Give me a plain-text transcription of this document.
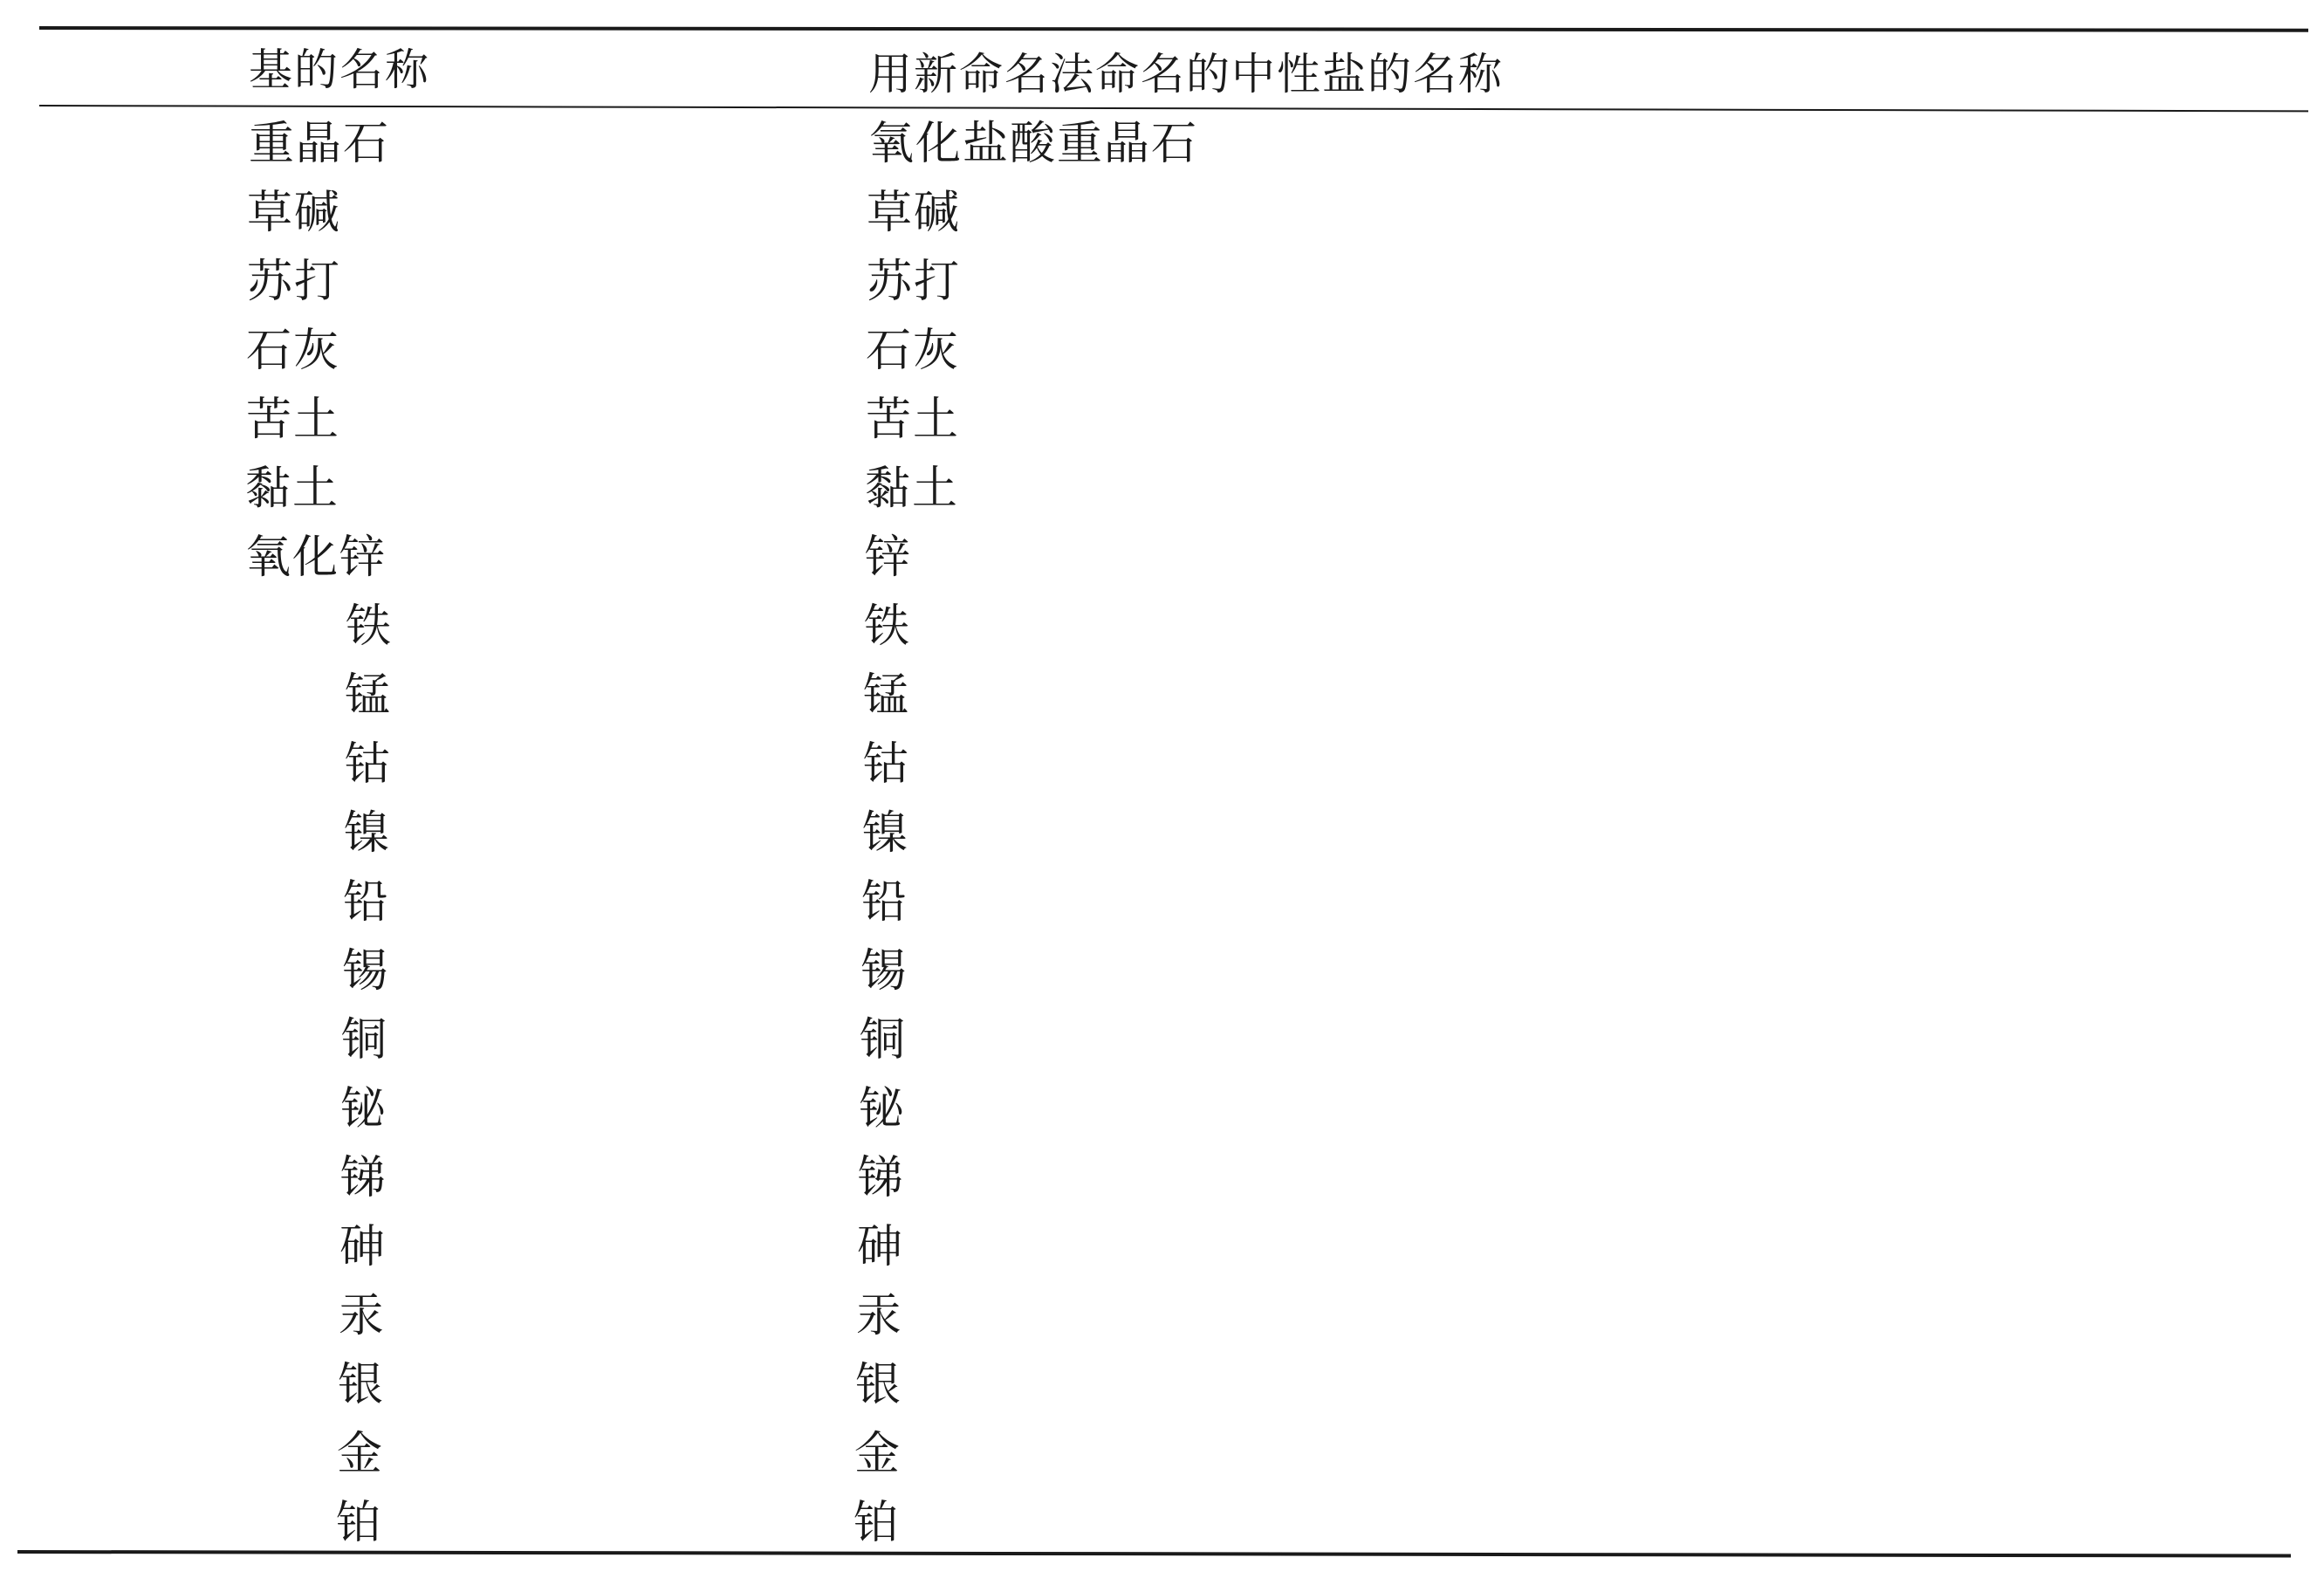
基的名称	用新命名法命名的中性盐的名称
重晶石	氧化盐酸重晶石
草碱	草碱
苏打	苏打
石灰	石灰
苦土	苦土
黏土	黏土
氧化锌	锌
铁	铁
锰	锰
钴	钴
镍	镍
铅	铅
锡	锡
铜	铜
铋	铋
锑	锑
砷	砷
汞	汞
银	银
金	金
铂	铂
